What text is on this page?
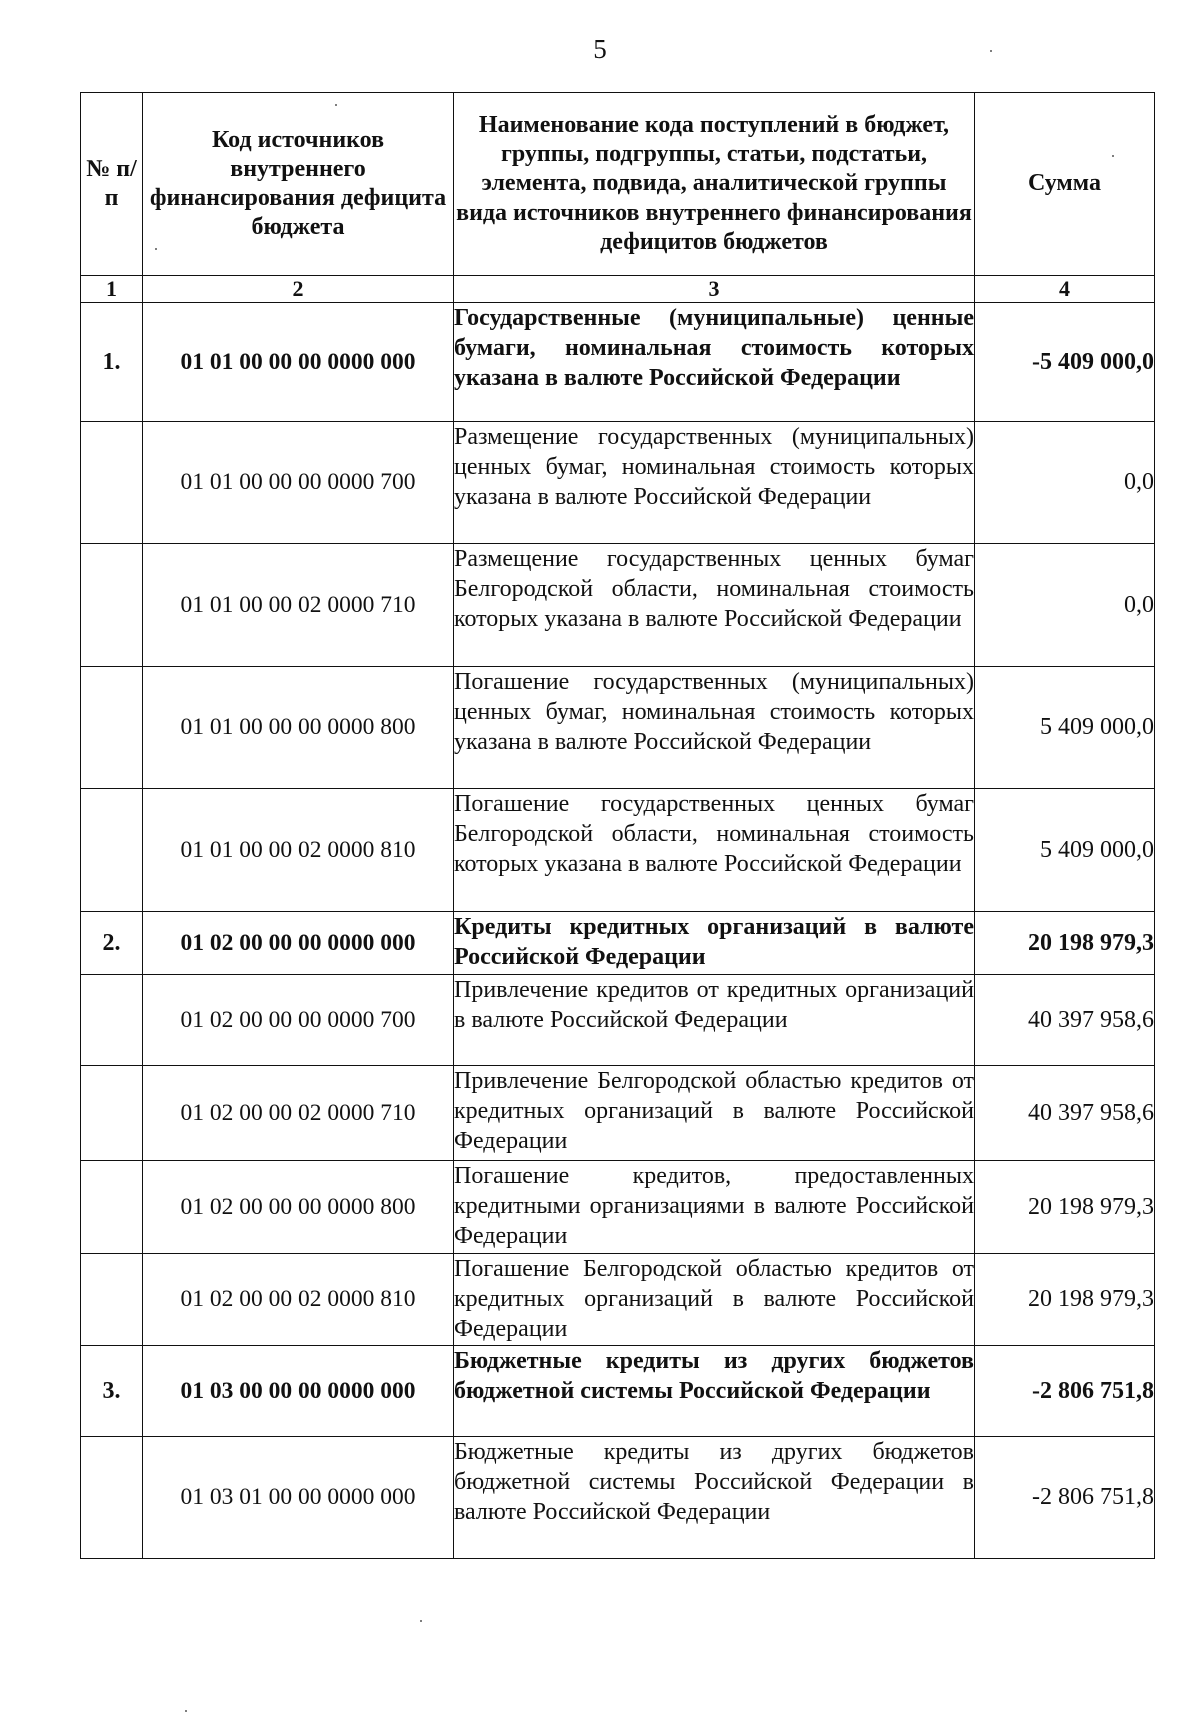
5
№ п/п	Код источников внутреннего финансирования дефицита бюджета	Наименование кода поступлений в бюджет, группы, подгруппы, статьи, подстатьи, элемента, подвида, аналитической группы вида источников внутреннего финансирования дефицитов бюджетов	Сумма
1	2	3	4
1.	01 01 00 00 00 0000 000	Государственные (муниципальные) ценные бумаги, номинальная стоимость которых указана в валюте Российской Федерации	-5 409 000,0
	01 01 00 00 00 0000 700	Размещение государственных (муниципальных) ценных бумаг, номинальная стоимость которых указана в валюте Российской Федерации	0,0
	01 01 00 00 02 0000 710	Размещение государственных ценных бумаг Белгородской области, номинальная стоимость которых указана в валюте Российской Федерации	0,0
	01 01 00 00 00 0000 800	Погашение государственных (муниципальных) ценных бумаг, номинальная стоимость которых указана в валюте Российской Федерации	5 409 000,0
	01 01 00 00 02 0000 810	Погашение государственных ценных бумаг Белгородской области, номинальная стоимость которых указана в валюте Российской Федерации	5 409 000,0
2.	01 02 00 00 00 0000 000	Кредиты кредитных организаций в валюте Российской Федерации	20 198 979,3
	01 02 00 00 00 0000 700	Привлечение кредитов от кредитных организаций в валюте Российской Федерации	40 397 958,6
	01 02 00 00 02 0000 710	Привлечение Белгородской областью кредитов от кредитных организаций в валюте Российской Федерации	40 397 958,6
	01 02 00 00 00 0000 800	Погашение кредитов, предоставленных кредитными организациями в валюте Российской Федерации	20 198 979,3
	01 02 00 00 02 0000 810	Погашение Белгородской областью кредитов от кредитных организаций в валюте Российской Федерации	20 198 979,3
3.	01 03 00 00 00 0000 000	Бюджетные кредиты из других бюджетов бюджетной системы Российской Федерации	-2 806 751,8
	01 03 01 00 00 0000 000	Бюджетные кредиты из других бюджетов бюджетной системы Российской Федерации в валюте Российской Федерации	-2 806 751,8
